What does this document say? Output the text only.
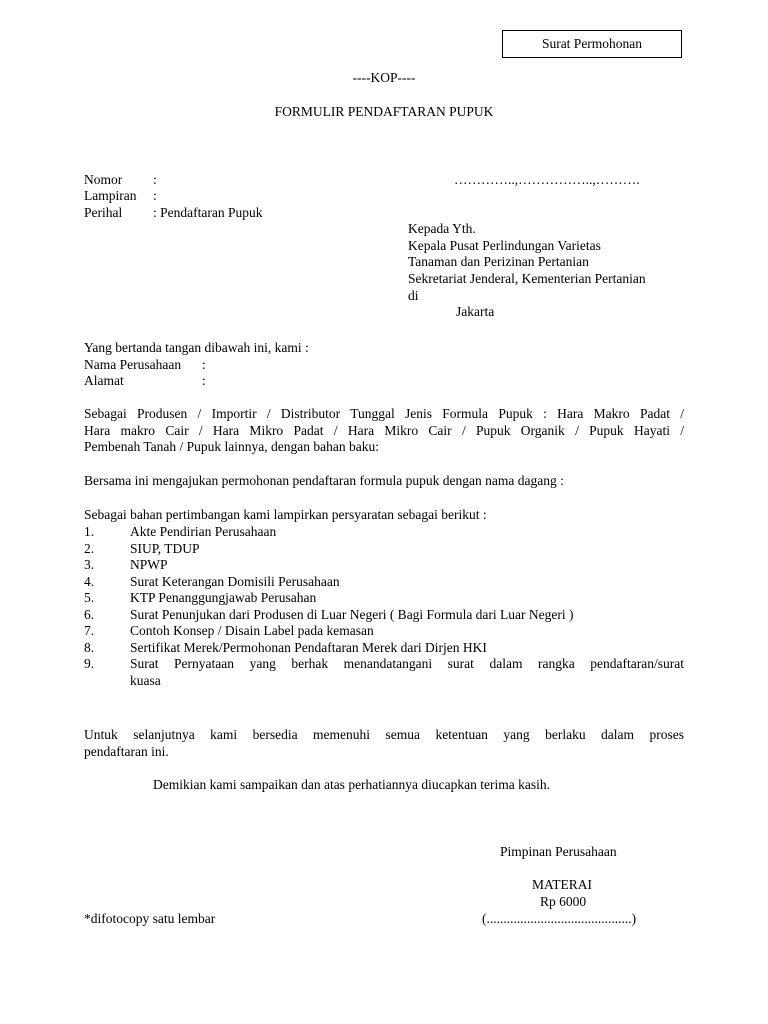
Surat Permohonan
----KOP----
FORMULIR PENDAFTARAN PUPUK
Nomor :	…………..,……………..,……….
Lampiran :
Perihal : Pendaftaran Pupuk
Kepada Yth.
Kepala Pusat Perlindungan Varietas
Tanaman dan Perizinan Pertanian
Sekretariat Jenderal, Kementerian Pertanian
di
Jakarta
Yang bertanda tangan dibawah ini, kami :
Nama Perusahaan :
Alamat	:
Sebagai Produsen / Importir / Distributor Tunggal Jenis Formula Pupuk : Hara Makro Padat /
Hara makro Cair / Hara Mikro Padat / Hara Mikro Cair / Pupuk Organik / Pupuk Hayati /
Pembenah Tanah / Pupuk lainnya, dengan bahan baku:
Bersama ini mengajukan permohonan pendaftaran formula pupuk dengan nama dagang :
Sebagai bahan pertimbangan kami lampirkan persyaratan sebagai berikut :
1.	Akte Pendirian Perusahaan
2.	SIUP, TDUP
3.	NPWP
4.	Surat Keterangan Domisili Perusahaan
5.	KTP Penanggungjawab Perusahan
6.	Surat Penunjukan dari Produsen di Luar Negeri ( Bagi Formula dari Luar Negeri )
7.	Contoh Konsep / Disain Label pada kemasan
8.	Sertifikat Merek/Permohonan Pendaftaran Merek dari Dirjen HKI
9.	Surat Pernyataan yang berhak menandatangani surat dalam rangka pendaftaran/surat
kuasa
Untuk selanjutnya kami bersedia memenuhi semua ketentuan yang berlaku dalam proses
pendaftaran ini.
Demikian kami sampaikan dan atas perhatiannya diucapkan terima kasih.
Pimpinan Perusahaan
MATERAI
Rp 6000
(...........................................)
*difotocopy satu lembar
